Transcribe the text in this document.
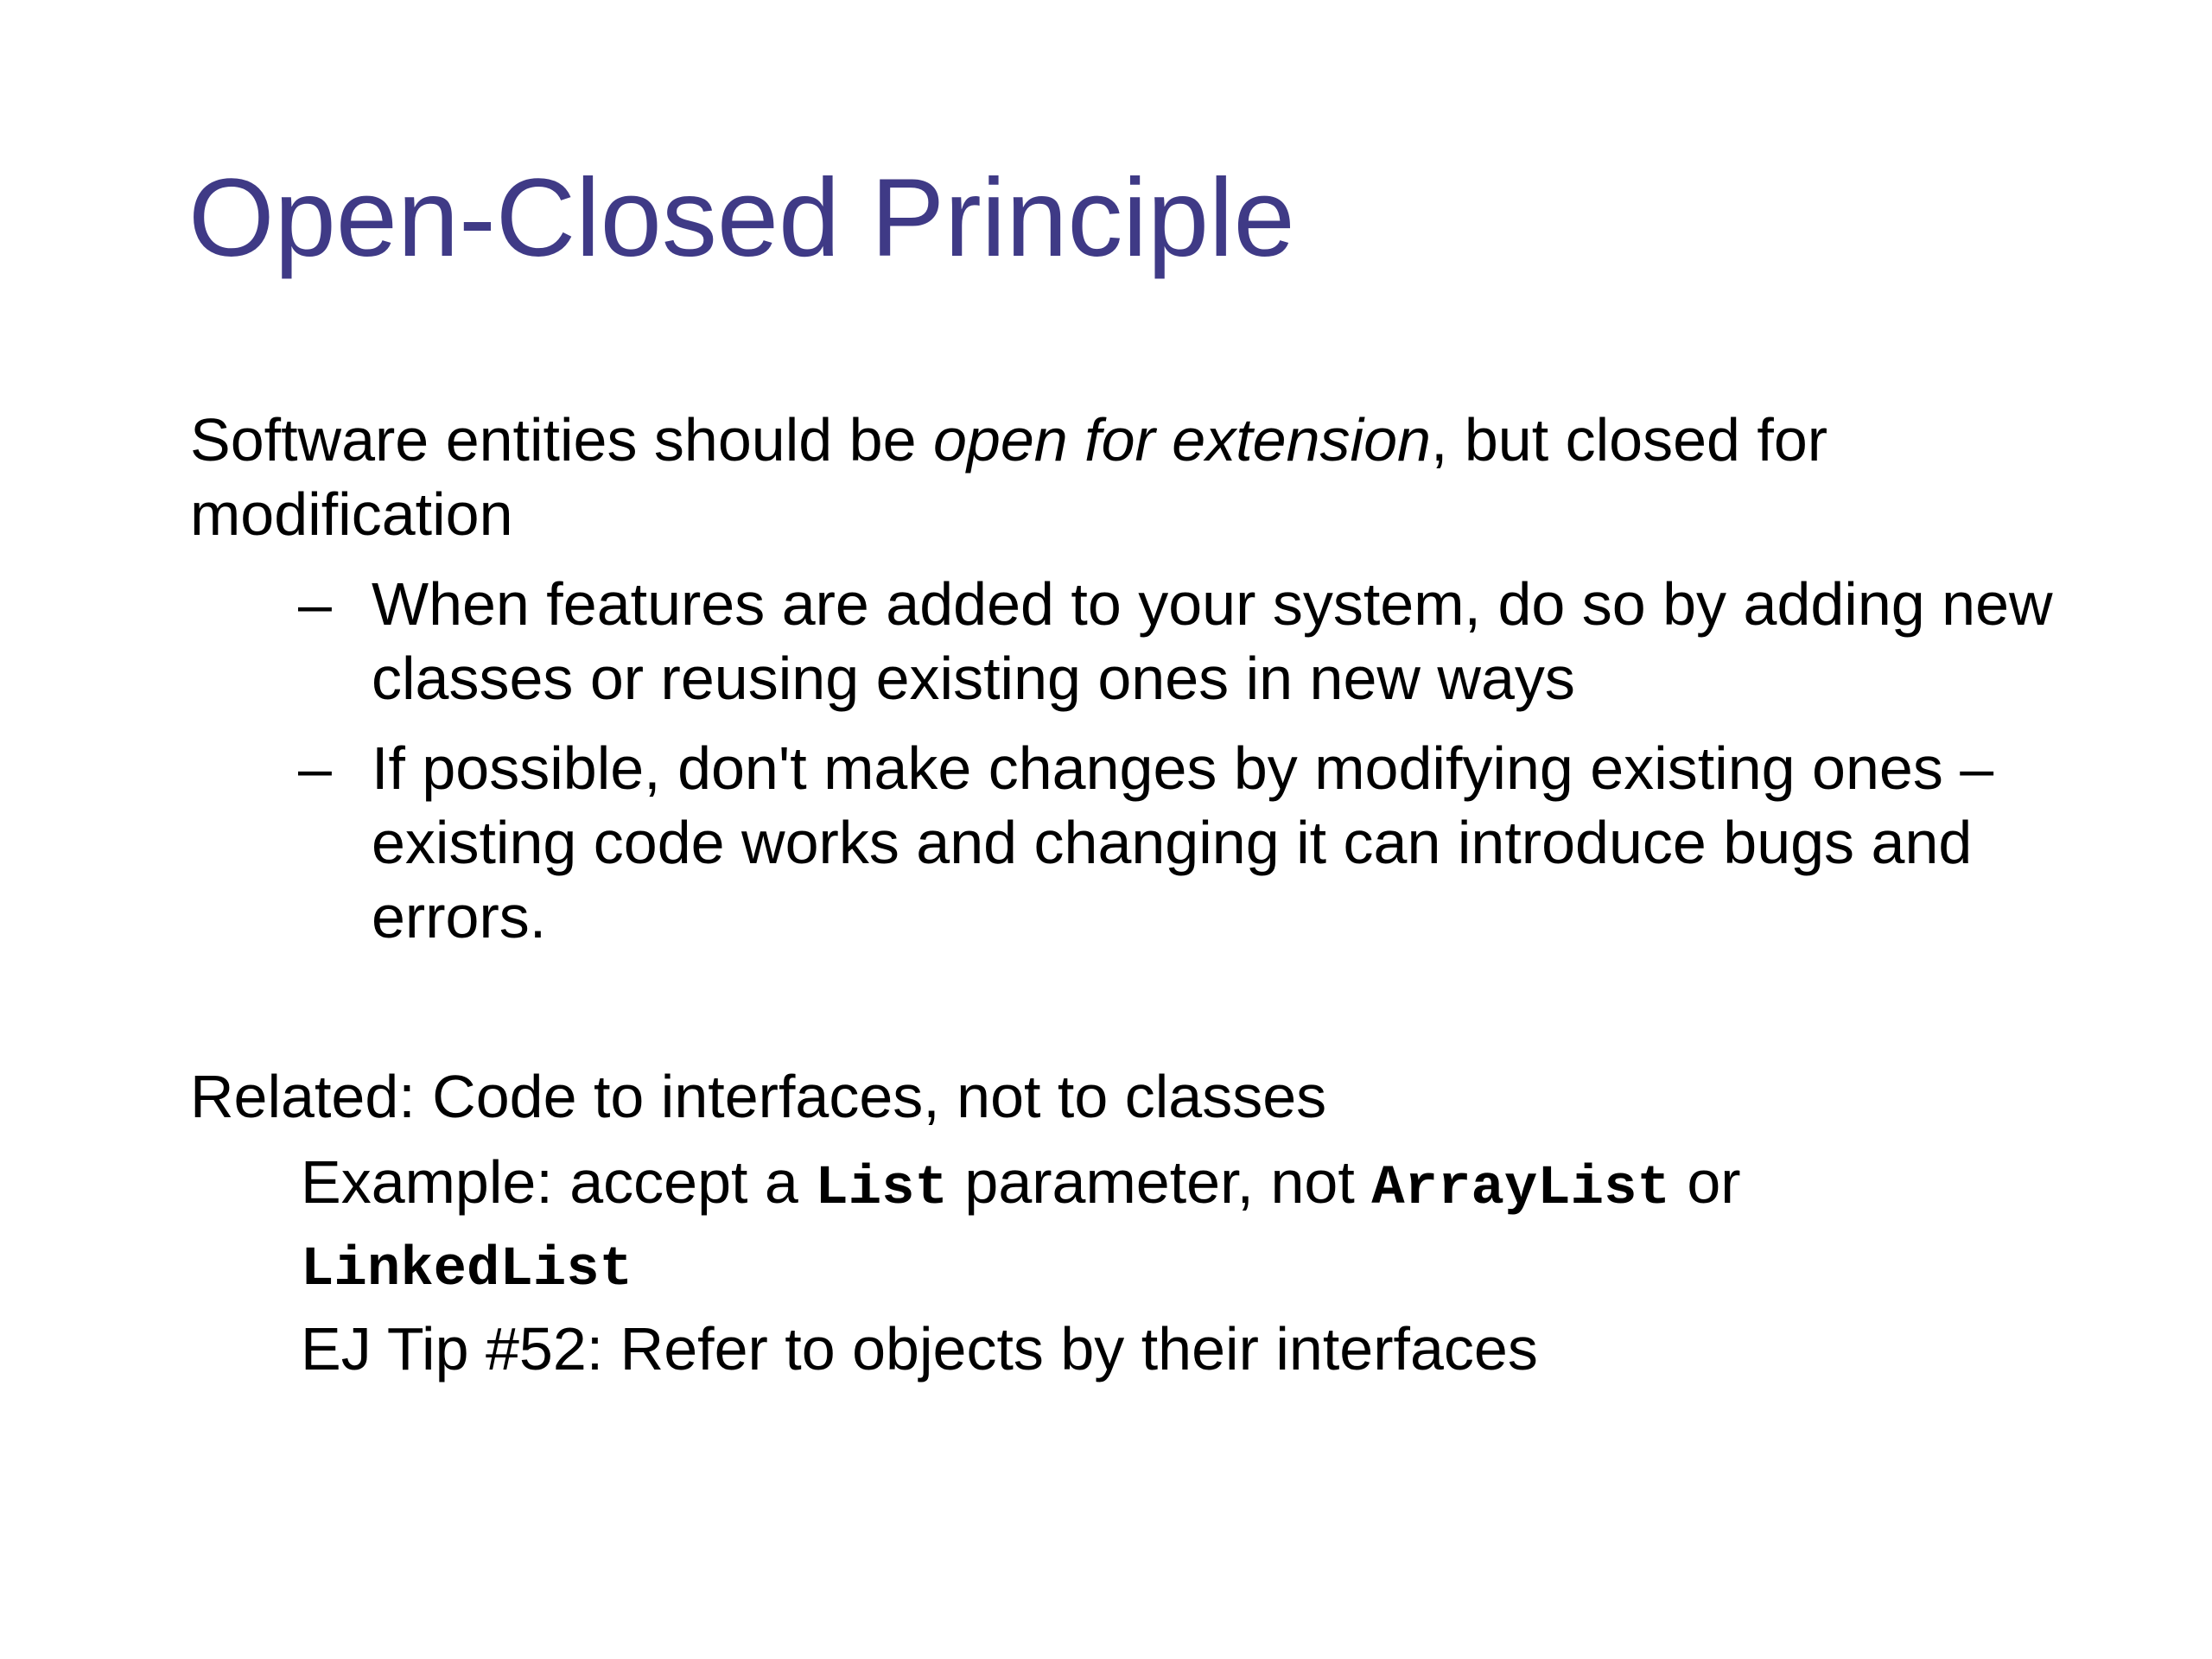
Open-Closed Principle

Software entities should be open for extension, but closed for modification

– When features are added to your system, do so by adding new classes or reusing existing ones in new ways
– If possible, don't make changes by modifying existing ones – existing code works and changing it can introduce bugs and errors.

Related: Code to interfaces, not to classes

Example: accept a List parameter, not ArrayList or LinkedList

EJ Tip #52: Refer to objects by their interfaces
